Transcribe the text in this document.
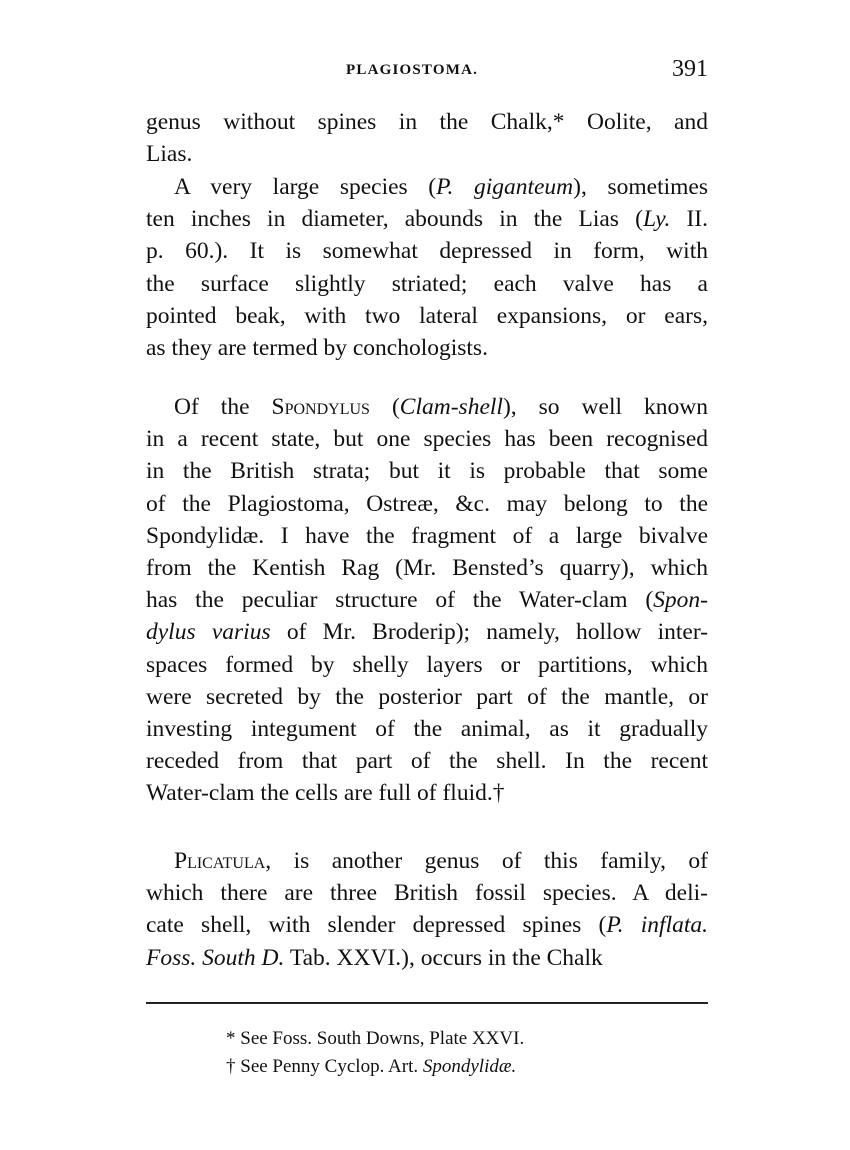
PLAGIOSTOMA.	391
genus without spines in the Chalk,* Oolite, and
Lias.
A very large species (P. giganteum), sometimes
ten inches in diameter, abounds in the Lias (Ly. II.
p. 60.). It is somewhat depressed in form, with
the surface slightly striated; each valve has a
pointed beak, with two lateral expansions, or ears,
as they are termed by conchologists.
Of the Spondylus (Clam-shell), so well known
in a recent state, but one species has been recognised
in the British strata; but it is probable that some
of the Plagiostoma, Ostreæ, &c. may belong to the
Spondylidæ. I have the fragment of a large bivalve
from the Kentish Rag (Mr. Bensted’s quarry), which
has the peculiar structure of the Water-clam (Spon-
dylus varius of Mr. Broderip); namely, hollow inter-
spaces formed by shelly layers or partitions, which
were secreted by the posterior part of the mantle, or
investing integument of the animal, as it gradually
receded from that part of the shell. In the recent
Water-clam the cells are full of fluid.†
Plicatula, is another genus of this family, of
which there are three British fossil species. A deli-
cate shell, with slender depressed spines (P. inflata.
Foss. South D. Tab. XXVI.), occurs in the Chalk
* See Foss. South Downs, Plate XXVI.
† See Penny Cyclop. Art. Spondylidæ.
